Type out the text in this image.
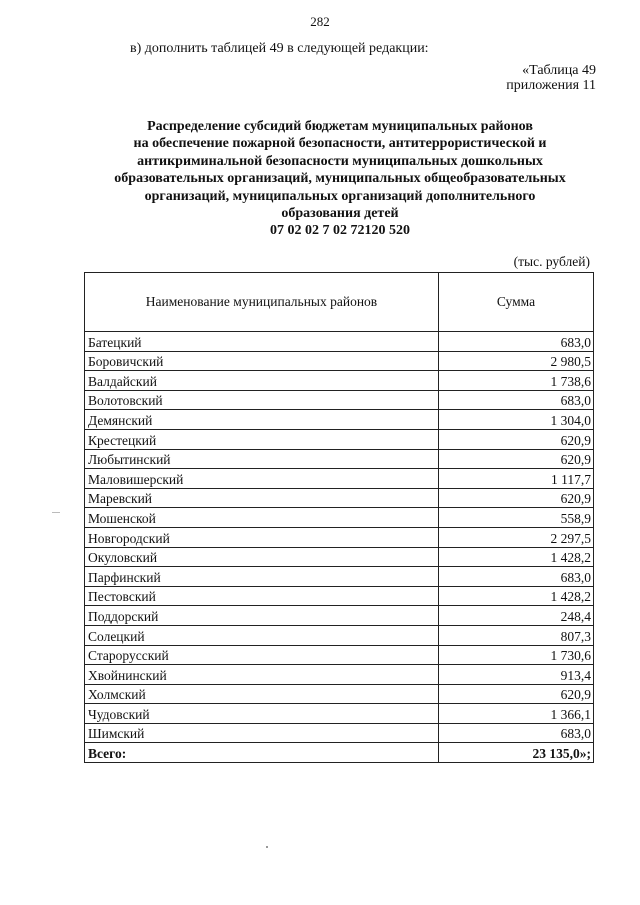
282
в) дополнить таблицей 49 в следующей редакции:
«Таблица 49
приложения 11
Распределение субсидий бюджетам муниципальных районов
на обеспечение пожарной безопасности, антитеррористической и
антикриминальной безопасности муниципальных дошкольных
образовательных организаций, муниципальных общеобразовательных
организаций, муниципальных организаций дополнительного
образования детей
07 02 02 7 02 72120 520
(тыс. рублей)
Наименование муниципальных районов	Сумма
Батецкий	683,0
Боровичский	2 980,5
Валдайский	1 738,6
Волотовский	683,0
Демянский	1 304,0
Крестецкий	620,9
Любытинский	620,9
Маловишерский	1 117,7
Маревский	620,9
Мошенской	558,9
Новгородский	2 297,5
Окуловский	1 428,2
Парфинский	683,0
Пестовский	1 428,2
Поддорский	248,4
Солецкий	807,3
Старорусский	1 730,6
Хвойнинский	913,4
Холмский	620,9
Чудовский	1 366,1
Шимский	683,0
Всего:	23 135,0»;
